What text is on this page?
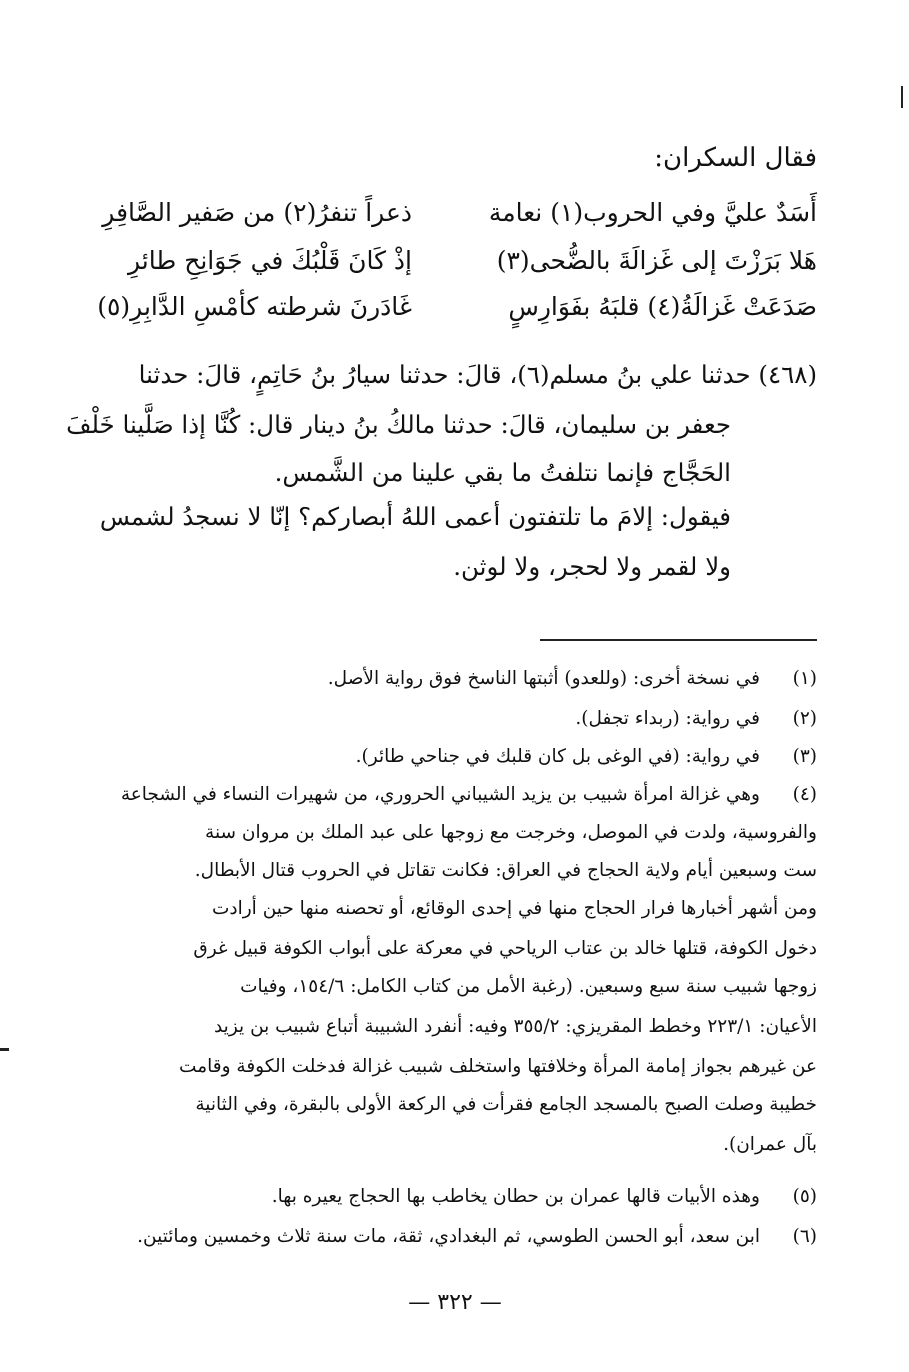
فقال السكران:
أَسَدٌ عليَّ وفي الحروب(١) نعامة
ذعراً تنفرُ(٢) من صَفير الصَّافِرِ
هَلا بَرَزْتَ إلى غَزالَةَ بالضُّحى(٣)
إذْ كَانَ قَلْبُكَ في جَوَانِحِ طائرِ
صَدَعَتْ غَزالَةُ(٤) قلبَهُ بفَوَارِسٍ
غَادَرنَ شرطته كأمْسِ الدَّابِرِ(٥)
(٤٦٨) حدثنا علي بنُ مسلم(٦)، قالَ: حدثنا سيارُ بنُ حَاتِمٍ، قالَ: حدثنا
جعفر بن سليمان، قالَ: حدثنا مالكُ بنُ دينار قال: كُنَّا إذا صَلَّينا خَلْفَ
الحَجَّاج فإنما نتلفتُ ما بقي علينا من الشَّمس.
فيقول: إلامَ ما تلتفتون أعمى اللهُ أبصاركم؟ إنّا لا نسجدُ لشمس
ولا لقمر ولا لحجر، ولا لوثن.
(١)
في نسخة أخرى: (وللعدو) أثبتها الناسخ فوق رواية الأصل.
(٢)
في رواية: (ربداء تجفل).
(٣)
في رواية: (في الوغى بل كان قلبك في جناحي طائر).
(٤)
وهي غزالة امرأة شبيب بن يزيد الشيباني الحروري، من شهيرات النساء في الشجاعة
والفروسية، ولدت في الموصل، وخرجت مع زوجها على عبد الملك بن مروان سنة
ست وسبعين أيام ولاية الحجاج في العراق: فكانت تقاتل في الحروب قتال الأبطال.
ومن أشهر أخبارها فرار الحجاج منها في إحدى الوقائع، أو تحصنه منها حين أرادت
دخول الكوفة، قتلها خالد بن عتاب الرياحي في معركة على أبواب الكوفة قبيل غرق
زوجها شبيب سنة سبع وسبعين. (رغبة الأمل من كتاب الكامل: ١٥٤/٦، وفيات
الأعيان: ٢٢٣/١ وخطط المقريزي: ٣٥٥/٢ وفيه: أنفرد الشبيبة أتباع شبيب بن يزيد
عن غيرهم بجواز إمامة المرأة وخلافتها واستخلف شبيب غزالة فدخلت الكوفة وقامت
خطيبة وصلت الصبح بالمسجد الجامع فقرأت في الركعة الأولى بالبقرة، وفي الثانية
بآل عمران).
(٥)
وهذه الأبيات قالها عمران بن حطان يخاطب بها الحجاج يعيره بها.
(٦)
ابن سعد، أبو الحسن الطوسي، ثم البغدادي، ثقة، مات سنة ثلاث وخمسين ومائتين.
— ٣٢٢ —
